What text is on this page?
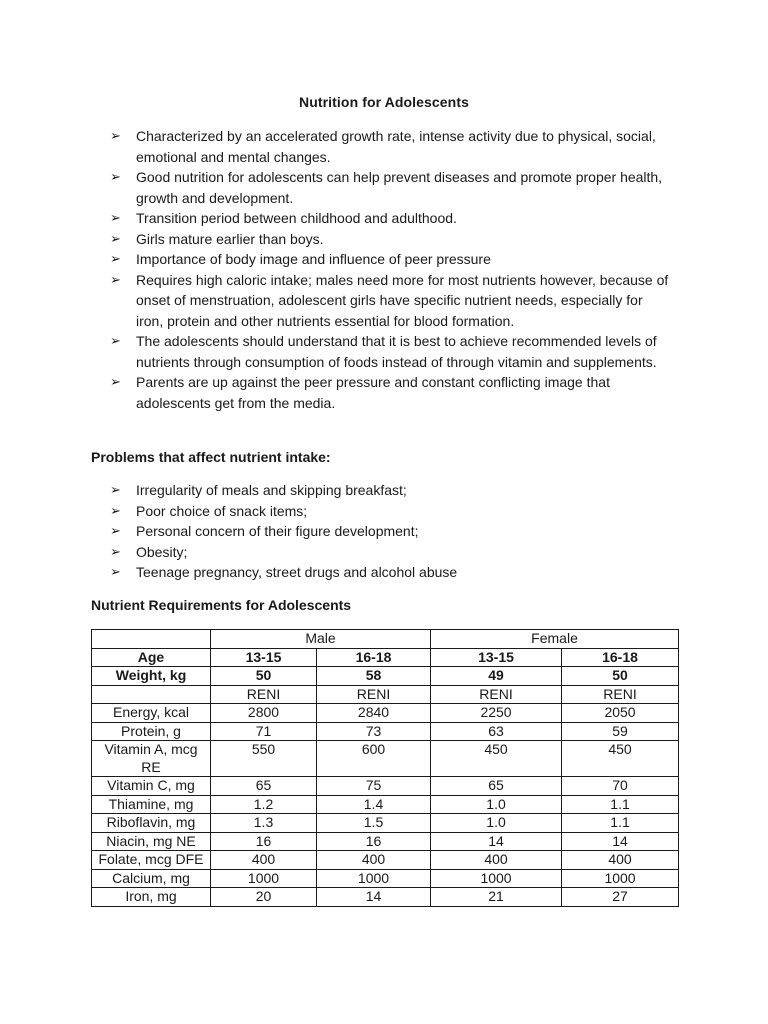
Nutrition for Adolescents
➢ Characterized by an accelerated growth rate, intense activity due to physical, social, emotional and mental changes.
➢ Good nutrition for adolescents can help prevent diseases and promote proper health, growth and development.
➢ Transition period between childhood and adulthood.
➢ Girls mature earlier than boys.
➢ Importance of body image and influence of peer pressure
➢ Requires high caloric intake; males need more for most nutrients however, because of onset of menstruation, adolescent girls have specific nutrient needs, especially for iron, protein and other nutrients essential for blood formation.
➢ The adolescents should understand that it is best to achieve recommended levels of nutrients through consumption of foods instead of through vitamin and supplements.
➢ Parents are up against the peer pressure and constant conflicting image that adolescents get from the media.
Problems that affect nutrient intake:
➢ Irregularity of meals and skipping breakfast;
➢ Poor choice of snack items;
➢ Personal concern of their figure development;
➢ Obesity;
➢ Teenage pregnancy, street drugs and alcohol abuse
Nutrient Requirements for Adolescents
	Male		Female	
Age	13-15	16-18	13-15	16-18
Weight, kg	50	58	49	50
	RENI	RENI	RENI	RENI
Energy, kcal	2800	2840	2250	2050
Protein, g	71	73	63	59
Vitamin A, mcg RE	550	600	450	450
Vitamin C, mg	65	75	65	70
Thiamine, mg	1.2	1.4	1.0	1.1
Riboflavin, mg	1.3	1.5	1.0	1.1
Niacin, mg NE	16	16	14	14
Folate, mcg DFE	400	400	400	400
Calcium, mg	1000	1000	1000	1000
Iron, mg	20	14	21	27
